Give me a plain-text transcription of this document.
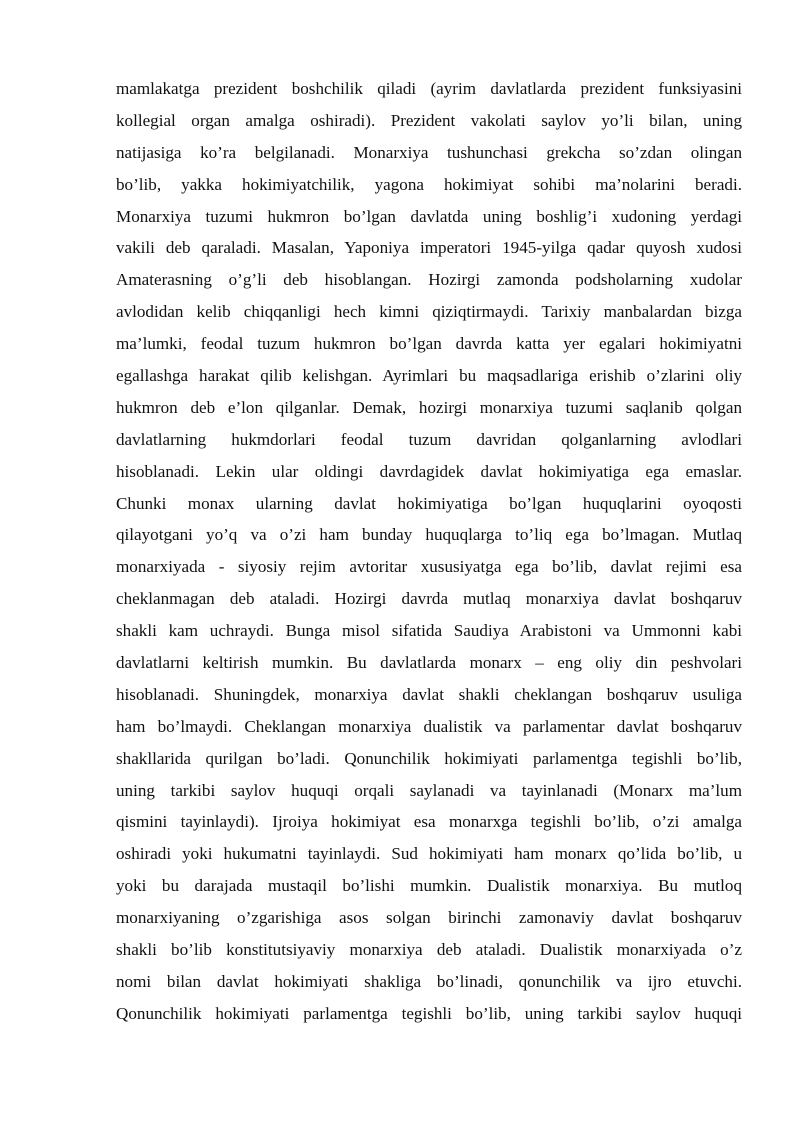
mamlakatga prezident boshchilik qiladi (ayrim davlatlarda prezident funksiyasini
kollegial organ amalga oshiradi). Prezident vakolati saylov yo’li bilan, uning
natijasiga ko’ra belgilanadi. Monarxiya tushunchasi grekcha so’zdan olingan
bo’lib, yakka hokimiyatchilik, yagona hokimiyat sohibi ma’nolarini beradi.
Monarxiya tuzumi hukmron bo’lgan davlatda uning boshlig’i xudoning yerdagi
vakili deb qaraladi. Masalan, Yaponiya imperatori 1945-yilga qadar quyosh xudosi
Amaterasning o’g’li deb hisoblangan. Hozirgi zamonda podsholarning xudolar
avlodidan kelib chiqqanligi hech kimni qiziqtirmaydi. Tarixiy manbalardan bizga
ma’lumki, feodal tuzum hukmron bo’lgan davrda katta yer egalari hokimiyatni
egallashga harakat qilib kelishgan. Ayrimlari bu maqsadlariga erishib o’zlarini oliy
hukmron deb e’lon qilganlar. Demak, hozirgi monarxiya tuzumi saqlanib qolgan
davlatlarning hukmdorlari feodal tuzum davridan qolganlarning avlodlari
hisoblanadi. Lekin ular oldingi davrdagidek davlat hokimiyatiga ega emaslar.
Chunki monax ularning davlat hokimiyatiga bo’lgan huquqlarini oyoqosti
qilayotgani yo’q va o’zi ham bunday huquqlarga to’liq ega bo’lmagan. Mutlaq
monarxiyada - siyosiy rejim avtoritar xususiyatga ega bo’lib, davlat rejimi esa
cheklanmagan deb ataladi. Hozirgi davrda mutlaq monarxiya davlat boshqaruv
shakli kam uchraydi. Bunga misol sifatida Saudiya Arabistoni va Ummonni kabi
davlatlarni keltirish mumkin. Bu davlatlarda monarx – eng oliy din peshvolari
hisoblanadi. Shuningdek, monarxiya davlat shakli cheklangan boshqaruv usuliga
ham bo’lmaydi. Cheklangan monarxiya dualistik va parlamentar davlat boshqaruv
shakllarida qurilgan bo’ladi. Qonunchilik hokimiyati parlamentga tegishli bo’lib,
uning tarkibi saylov huquqi orqali saylanadi va tayinlanadi (Monarx ma’lum
qismini tayinlaydi). Ijroiya hokimiyat esa monarxga tegishli bo’lib, o’zi amalga
oshiradi yoki hukumatni tayinlaydi. Sud hokimiyati ham monarx qo’lida bo’lib, u
yoki bu darajada mustaqil bo’lishi mumkin. Dualistik monarxiya. Bu mutloq
monarxiyaning o’zgarishiga asos solgan birinchi zamonaviy davlat boshqaruv
shakli bo’lib konstitutsiyaviy monarxiya deb ataladi. Dualistik monarxiyada o’z
nomi bilan davlat hokimiyati shakliga bo’linadi, qonunchilik va ijro etuvchi.
Qonunchilik hokimiyati parlamentga tegishli bo’lib, uning tarkibi saylov huquqi
